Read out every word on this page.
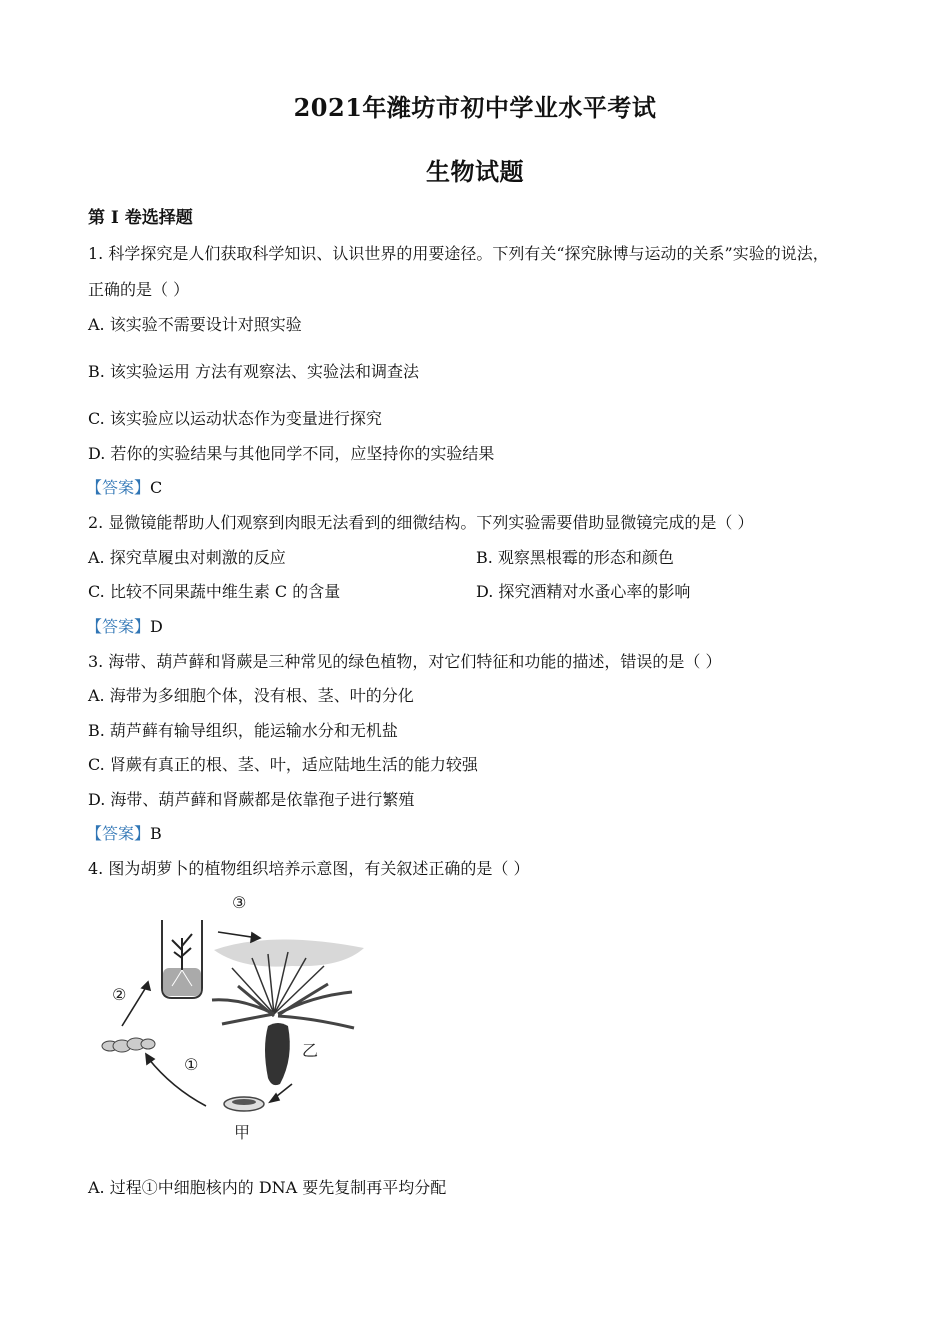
2021年潍坊市初中学业水平考试
生物试题
第 I 卷选择题
1. 科学探究是人们获取科学知识、认识世界的用要途径。下列有关“探究脉博与运动的关系”实验的说法，
正确的是（ ）
A. 该实验不需要设计对照实验
B. 该实验运用 方法有观察法、实验法和调查法
C. 该实验应以运动状态作为变量进行探究
D. 若你的实验结果与其他同学不同，应坚持你的实验结果
【答案】C
2. 显微镜能帮助人们观察到肉眼无法看到的细微结构。下列实验需要借助显微镜完成的是（ ）
A. 探究草履虫对刺激的反应	B. 观察黑根霉的形态和颜色
C. 比较不同果蔬中维生素 C 的含量	D. 探究酒精对水蚤心率的影响
【答案】D
3. 海带、葫芦藓和肾蕨是三种常见的绿色植物，对它们特征和功能的描述，错误的是（ ）
A. 海带为多细胞个体，没有根、茎、叶的分化
B. 葫芦藓有输导组织，能运输水分和无机盐
C. 肾蕨有真正的根、茎、叶，适应陆地生活的能力较强
D. 海带、葫芦藓和肾蕨都是依靠孢子进行繁殖
【答案】B
4. 图为胡萝卜的植物组织培养示意图，有关叙述正确的是（ ）
②
③
①
乙
甲
A. 过程①中细胞核内的 DNA 要先复制再平均分配
